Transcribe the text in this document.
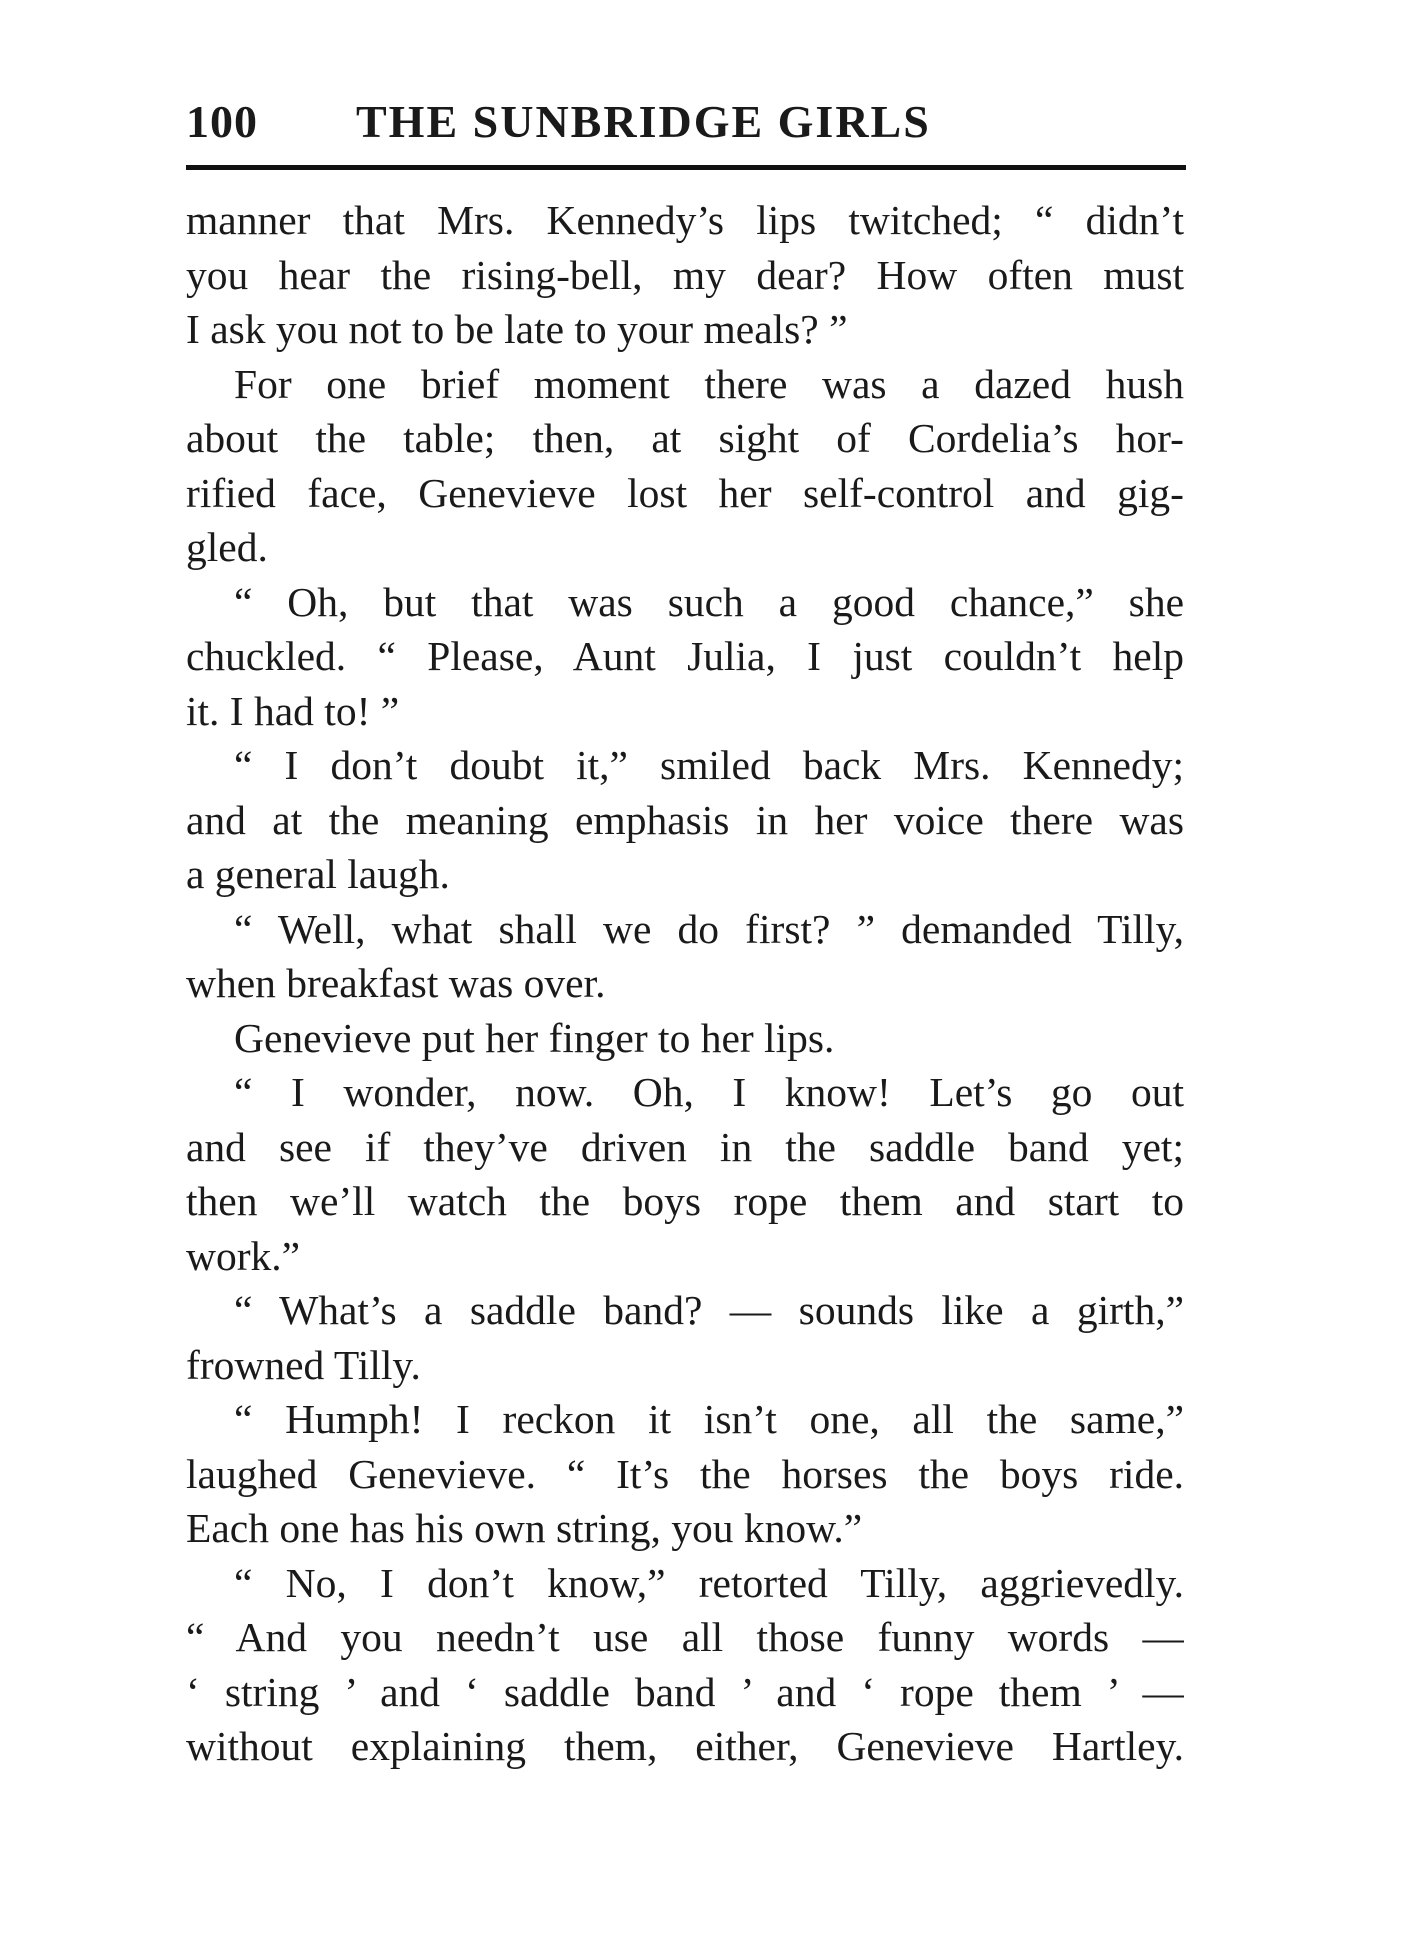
100 THE SUNBRIDGE GIRLS
manner that Mrs. Kennedy’s lips twitched; “ didn’t
you hear the rising-bell, my dear? How often must
I ask you not to be late to your meals? ”
For one brief moment there was a dazed hush
about the table; then, at sight of Cordelia’s hor-
rified face, Genevieve lost her self-control and gig-
gled.
“ Oh, but that was such a good chance,” she
chuckled. “ Please, Aunt Julia, I just couldn’t help
it. I had to! ”
“ I don’t doubt it,” smiled back Mrs. Kennedy;
and at the meaning emphasis in her voice there was
a general laugh.
“ Well, what shall we do first? ” demanded Tilly,
when breakfast was over.
Genevieve put her finger to her lips.
“ I wonder, now. Oh, I know! Let’s go out
and see if they’ve driven in the saddle band yet;
then we’ll watch the boys rope them and start to
work.”
“ What’s a saddle band? — sounds like a girth,”
frowned Tilly.
“ Humph! I reckon it isn’t one, all the same,”
laughed Genevieve. “ It’s the horses the boys ride.
Each one has his own string, you know.”
“ No, I don’t know,” retorted Tilly, aggrievedly.
“ And you needn’t use all those funny words —
‘ string ’ and ‘ saddle band ’ and ‘ rope them ’ —
without explaining them, either, Genevieve Hartley.
